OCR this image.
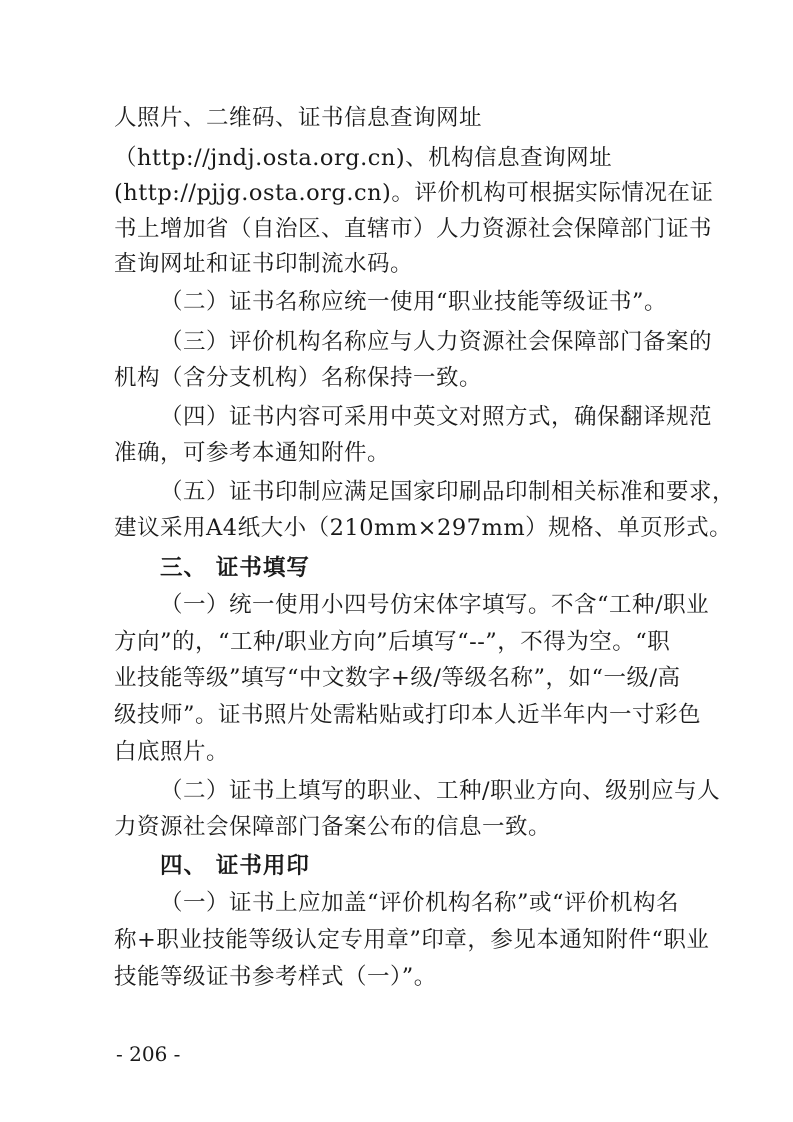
人照片、二维码、证书信息查询网址
（http://jndj.osta.org.cn)、机构信息查询网址
(http://pjjg.osta.org.cn)。评价机构可根据实际情况在证
书上增加省（自治区、直辖市）人力资源社会保障部门证书
查询网址和证书印制流水码。
（二）证书名称应统一使用“职业技能等级证书”。
（三）评价机构名称应与人力资源社会保障部门备案的
机构（含分支机构）名称保持一致。
（四）证书内容可采用中英文对照方式，确保翻译规范
准确，可参考本通知附件。
（五）证书印制应满足国家印刷品印制相关标准和要求，
建议采用A4纸大小（210mm×297mm）规格、单页形式。
三、 证书填写
（一）统一使用小四号仿宋体字填写。不含“工种/职业
方向”的，“工种/职业方向”后填写“--”，不得为空。“职
业技能等级”填写“中文数字+级/等级名称”，如“一级/高
级技师”。证书照片处需粘贴或打印本人近半年内一寸彩色
白底照片。
（二）证书上填写的职业、工种/职业方向、级别应与人
力资源社会保障部门备案公布的信息一致。
四、 证书用印
（一）证书上应加盖“评价机构名称”或“评价机构名
称+职业技能等级认定专用章”印章，参见本通知附件“职业
技能等级证书参考样式（一）”。
- 206 -
